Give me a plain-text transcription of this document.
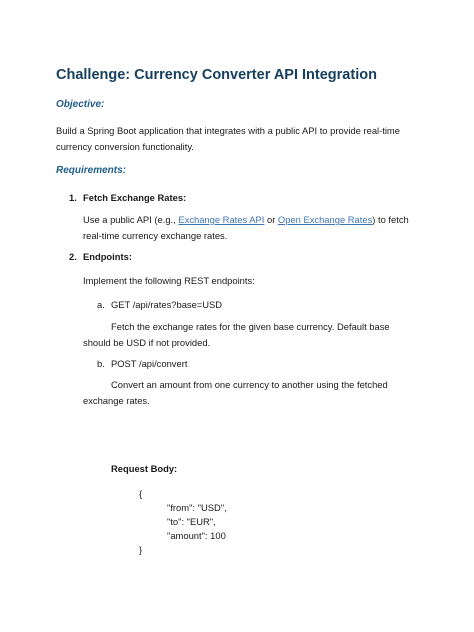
Challenge: Currency Converter API Integration
Objective:
Build a Spring Boot application that integrates with a public API to provide real-time currency conversion functionality.
Requirements:
1. Fetch Exchange Rates:
Use a public API (e.g., Exchange Rates API or Open Exchange Rates) to fetch real-time currency exchange rates.
2. Endpoints:
Implement the following REST endpoints:
a. GET /api/rates?base=USD
Fetch the exchange rates for the given base currency. Default base should be USD if not provided.
b. POST /api/convert
Convert an amount from one currency to another using the fetched exchange rates.
Request Body:
{
"from": "USD",
"to": "EUR",
"amount": 100
}
